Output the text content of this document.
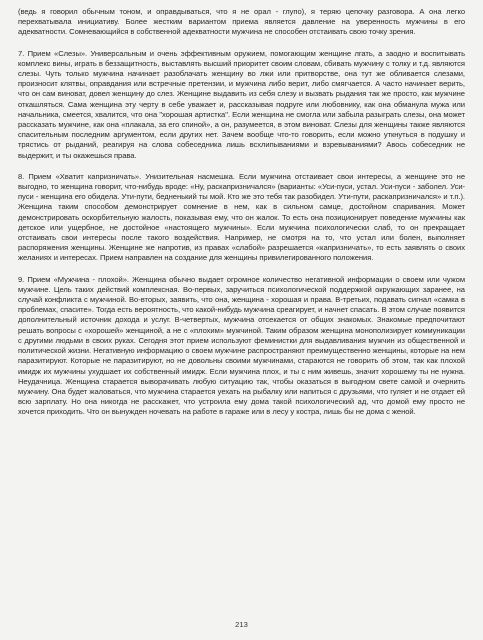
(ведь я говорил обычным тоном, и оправдываться, что я не орал - глупо), я теряю цепочку разговора. А она легко перехватывала инициативу. Более жестким вариантом приема является давление на уверенность мужчины в его адекватности. Сомневающийся в собственной адекватности мужчина не способен отстаивать свою точку зрения.

7. Прием «Слезы». Универсальным и очень эффективным оружием, помогающим женщине лгать, а заодно и воспитывать комплекс вины, играть в беззащитность, выставлять высший приоритет своим словам, сбивать мужчину с толку и т.д. являются слезы. Чуть только мужчина начинает разоблачать женщину во лжи или притворстве, она тут же обливается слезами, произносит клятвы, оправдания или встречные претензии, и мужчина либо верит, либо смягчается. А часто начинает верить, что он сам виноват, довел женщину до слез. Женщине выдавить из себя слезу и вызвать рыдания так же просто, как мужчине откашляться. Сама женщина эту черту в себе уважает и, рассказывая подруге или любовнику, как она обманула мужа или начальника, смеется, хвалится, что она "хорошая артистка". Если женщина не смогла или забыла разыграть слезы, она может рассказать мужчине, как она «плакала, за его спиной», а он, разумеется, в этом виноват. Слезы для женщины также являются спасительным последним аргументом, если других нет. Зачем вообще что-то говорить, если можно уткнуться в подушку и трястись от рыданий, реагируя на слова собеседника лишь всхлипываниями и взревываниями? Авось собеседник не выдержит, и ты окажешься права.

8. Прием «Хватит капризничать». Унизительная насмешка. Если мужчина отстаивает свои интересы, а женщине это не выгодно, то женщина говорит, что-нибудь вроде: «Ну, раскапризничался» (варианты: «Уси-пуси, устал. Уси-пуси - заболел. Уси-пуси - женщина его обидела. Ути-пути, бедненький ты мой. Кто же это тебя так разобидел. Ути-пути, раскапризничался» и т.п.). Женщина таким способом демонстрирует сомнение в нем, как в сильном самце, достойном спаривания. Может демонстрировать оскорбительную жалость, показывая ему, что он жалок. То есть она позиционирует поведение мужчины как детское или ущербное, не достойное «настоящего мужчины». Если мужчина психологически слаб, то он прекращает отстаивать свои интересы после такого воздействия. Например, не смотря на то, что устал или болен, выполняет распоряжения женщины. Женщине же напротив, из правах «слабой» разрешается «капризничать», то есть заявлять о своих желаниях и интересах. Прием направлен на создание для женщины привилегированного положения.

9. Прием «Мужчина - плохой». Женщина обычно выдает огромное количество негативной информации о своем или чужом мужчине. Цель таких действий комплексная. Во-первых, заручиться психологической поддержкой окружающих заранее, на случай конфликта с мужчиной. Во-вторых, заявить, что она, женщина - хорошая и права. В-третьих, подавать сигнал «самка в проблемах, спасите». Тогда есть вероятность, что какой-нибудь мужчина среагирует, и начнет спасать. В этом случае появится дополнительный источник дохода и услуг. В-четвертых, мужчина отсекается от общих знакомых. Знакомые предпочитают решать вопросы с «хорошей» женщиной, а не с «плохим» мужчиной. Таким образом женщина монополизирует коммуникации с другими людьми в своих руках. Сегодня этот прием используют феминистки для выдавливания мужчин из общественной и политической жизни. Негативную информацию о своем мужчине распространяют преимущественно женщины, которые на нем паразитируют. Которые не паразитируют, но не довольны своими мужчинами, стараются не говорить об этом, так как плохой имидж их мужчины ухудшает их собственный имидж. Если мужчина плох, и ты с ним живешь, значит хорошему ты не нужна. Неудачница. Женщина старается выворачивать любую ситуацию так, чтобы оказаться в выгодном свете самой и очернить мужчину. Она будет жаловаться, что мужчина старается уехать на рыбалку или напиться с друзьями, что гуляет и не отдает ей всю зарплату. Но она никогда не расскажет, что устроила ему дома такой психологический ад, что домой ему просто не хочется приходить. Что он вынужден ночевать на работе в гараже или в лесу у костра, лишь бы не дома с женой.

213
